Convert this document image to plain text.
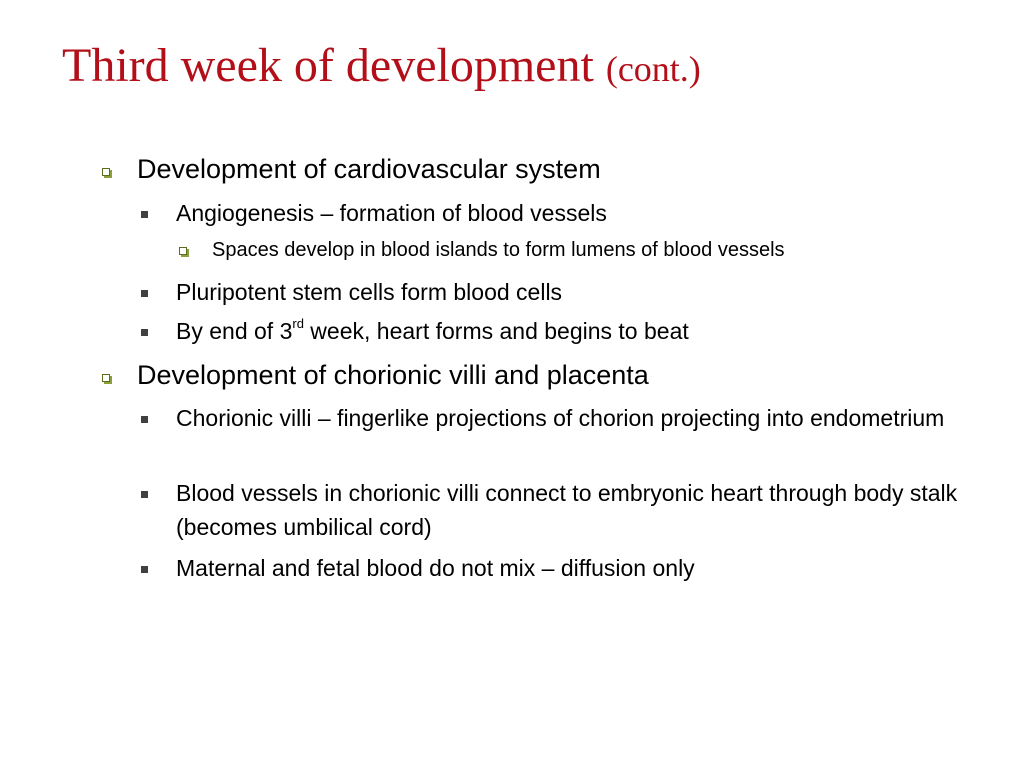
Third week of development (cont.)
Development of cardiovascular system
Angiogenesis – formation of blood vessels
Spaces develop in blood islands to form lumens of blood vessels
Pluripotent stem cells form blood cells
By end of 3rd week, heart forms and begins to beat
Development of chorionic villi and placenta
Chorionic villi – fingerlike projections of chorion projecting into endometrium
Blood vessels in chorionic villi connect to embryonic heart through body stalk (becomes umbilical cord)
Maternal and fetal blood do not mix – diffusion only
